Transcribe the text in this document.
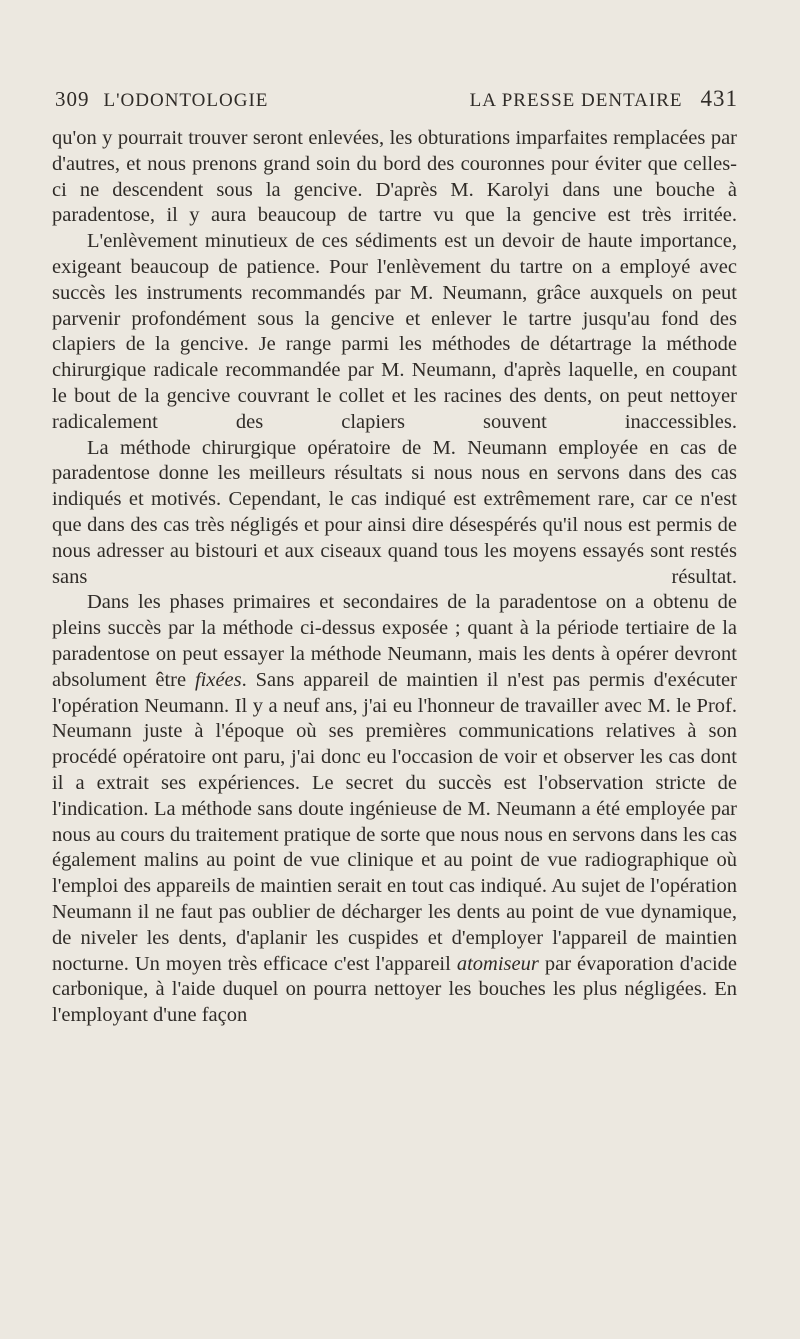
309 L'ODONTOLOGIE	LA PRESSE DENTAIRE 431

qu'on y pourrait trouver seront enlevées, les obturations imparfaites remplacées par d'autres, et nous prenons grand soin du bord des couronnes pour éviter que celles-ci ne descendent sous la gencive. D'après M. Karolyi dans une bouche à paradentose, il y aura beaucoup de tartre vu que la gencive est très irritée.

L'enlèvement minutieux de ces sédiments est un devoir de haute importance, exigeant beaucoup de patience. Pour l'enlèvement du tartre on a employé avec succès les instruments recommandés par M. Neumann, grâce auxquels on peut parvenir profondément sous la gencive et enlever le tartre jusqu'au fond des clapiers de la gencive. Je range parmi les méthodes de détartrage la méthode chirurgique radicale recommandée par M. Neumann, d'après laquelle, en coupant le bout de la gencive couvrant le collet et les racines des dents, on peut nettoyer radicalement des clapiers souvent inaccessibles.

La méthode chirurgique opératoire de M. Neumann employée en cas de paradentose donne les meilleurs résultats si nous nous en servons dans des cas indiqués et motivés. Cependant, le cas indiqué est extrêmement rare, car ce n'est que dans des cas très négligés et pour ainsi dire désespérés qu'il nous est permis de nous adresser au bistouri et aux ciseaux quand tous les moyens essayés sont restés sans résultat.

Dans les phases primaires et secondaires de la paradentose on a obtenu de pleins succès par la méthode ci-dessus exposée ; quant à la période tertiaire de la paradentose on peut essayer la méthode Neumann, mais les dents à opérer devront absolument être fixées. Sans appareil de maintien il n'est pas permis d'exécuter l'opération Neumann. Il y a neuf ans, j'ai eu l'honneur de travailler avec M. le Prof. Neumann juste à l'époque où ses premières communications relatives à son procédé opératoire ont paru, j'ai donc eu l'occasion de voir et observer les cas dont il a extrait ses expériences. Le secret du succès est l'observation stricte de l'indication. La méthode sans doute ingénieuse de M. Neumann a été employée par nous au cours du traitement pratique de sorte que nous nous en servons dans les cas également malins au point de vue clinique et au point de vue radiographique où l'emploi des appareils de maintien serait en tout cas indiqué. Au sujet de l'opération Neumann il ne faut pas oublier de décharger les dents au point de vue dynamique, de niveler les dents, d'aplanir les cuspides et d'employer l'appareil de maintien nocturne. Un moyen très efficace c'est l'appareil atomiseur par évaporation d'acide carbonique, à l'aide duquel on pourra nettoyer les bouches les plus négligées. En l'employant d'une façon
